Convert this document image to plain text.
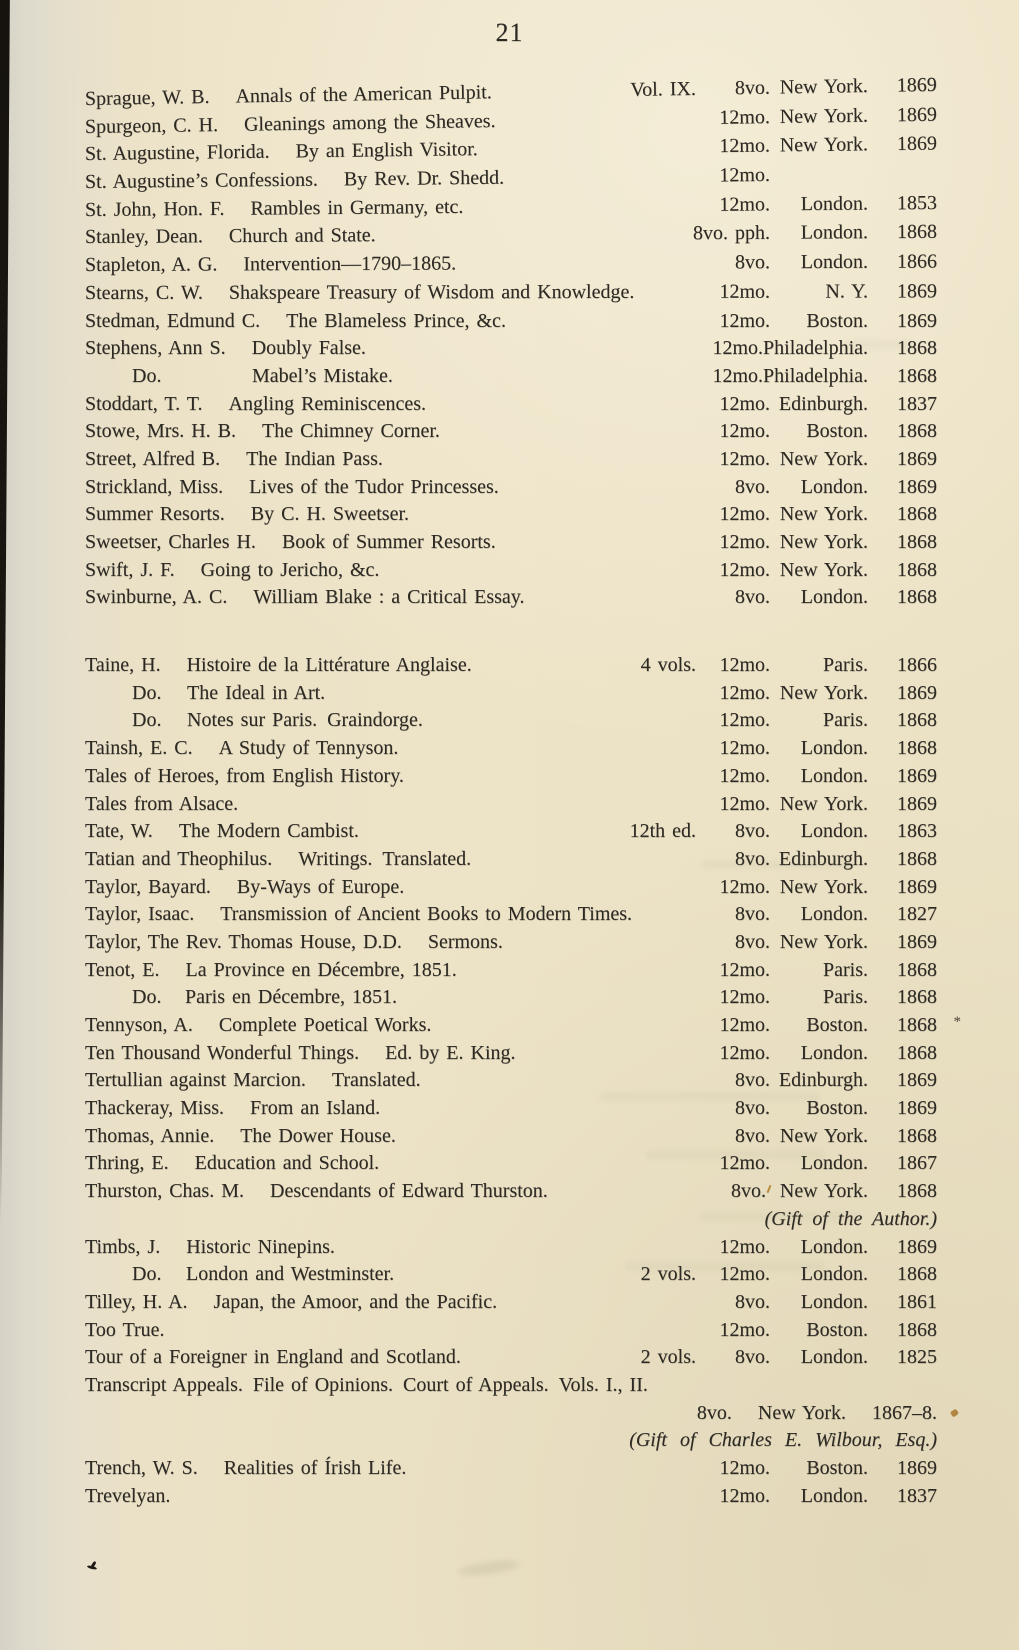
21
Sprague, W. B. Annals of the American Pulpit.	Vol. IX.	8vo. New York.	1869
Spurgeon, C. H. Gleanings among the Sheaves.	12mo. New York.	1869
St. Augustine, Florida. By an English Visitor.	12mo. New York.	1869
St. Augustine’s Confessions. By Rev. Dr. Shedd.	12mo.
St. John, Hon. F. Rambles in Germany, etc.	12mo.	London.	1853
Stanley, Dean. Church and State.	8vo. pph.	London.	1868
Stapleton, A. G. Intervention—1790–1865.	8vo.	London.	1866
Stearns, C. W. Shakspeare Treasury of Wisdom and Knowledge.	12mo.	N. Y.	1869
Stedman, Edmund C. The Blameless Prince, &c.	12mo.	Boston.	1869
Stephens, Ann S. Doubly False.	12mo. Philadelphia.	1868
Do.	Mabel’s Mistake.	12mo. Philadelphia.	1868
Stoddart, T. T. Angling Reminiscences.	12mo. Edinburgh.	1837
Stowe, Mrs. H. B. The Chimney Corner.	12mo.	Boston.	1868
Street, Alfred B. The Indian Pass.	12mo. New York.	1869
Strickland, Miss. Lives of the Tudor Princesses.	8vo.	London.	1869
Summer Resorts. By C. H. Sweetser.	12mo. New York.	1868
Sweetser, Charles H. Book of Summer Resorts.	12mo. New York.	1868
Swift, J. F. Going to Jericho, &c.	12mo. New York.	1868
Swinburne, A. C. William Blake : a Critical Essay.	8vo.	London.	1868
Taine, H. Histoire de la Littérature Anglaise.	4 vols.	12mo.	Paris.	1866
Do.	The Ideal in Art.	12mo. New York.	1869
Do.	Notes sur Paris. Graindorge.	12mo.	Paris.	1868
Tainsh, E. C. A Study of Tennyson.	12mo.	London.	1868
Tales of Heroes, from English History.	12mo.	London.	1869
Tales from Alsace.	12mo. New York.	1869
Tate, W. The Modern Cambist.	12th ed.	8vo.	London.	1863
Tatian and Theophilus. Writings. Translated.	8vo. Edinburgh.	1868
Taylor, Bayard. By-Ways of Europe.	12mo. New York.	1869
Taylor, Isaac. Transmission of Ancient Books to Modern Times.	8vo.	London.	1827
Taylor, The Rev. Thomas House, D.D. Sermons.	8vo. New York.	1869
Tenot, E. La Province en Décembre, 1851.	12mo.	Paris.	1868
Do.	Paris en Décembre, 1851.	12mo.	Paris.	1868
Tennyson, A. Complete Poetical Works.	12mo.	Boston.	1868 *
Ten Thousand Wonderful Things. Ed. by E. King.	12mo.	London.	1868
Tertullian against Marcion. Translated.	8vo. Edinburgh.	1869
Thackeray, Miss. From an Island.	8vo.	Boston.	1869
Thomas, Annie. The Dower House.	8vo. New York.	1868
Thring, E. Education and School.	12mo.	London.	1867
Thurston, Chas. M. Descendants of Edward Thurston.	8vo. New York.	1868
(Gift of the Author.)
Timbs, J. Historic Ninepins.	12mo.	London.	1869
Do.	London and Westminster.	2 vols.	12mo.	London.	1868
Tilley, H. A. Japan, the Amoor, and the Pacific.	8vo.	London.	1861
Too True.	12mo.	Boston.	1868
Tour of a Foreigner in England and Scotland.	2 vols.	8vo.	London.	1825
Transcript Appeals. File of Opinions. Court of Appeals. Vols. I., II.
8vo. New York. 1867–8.
(Gift of Charles E. Wilbour, Esq.)
Trench, W. S. Realities of Írish Life.	12mo.	Boston.	1869
Trevelyan.	12mo.	London.	1837
